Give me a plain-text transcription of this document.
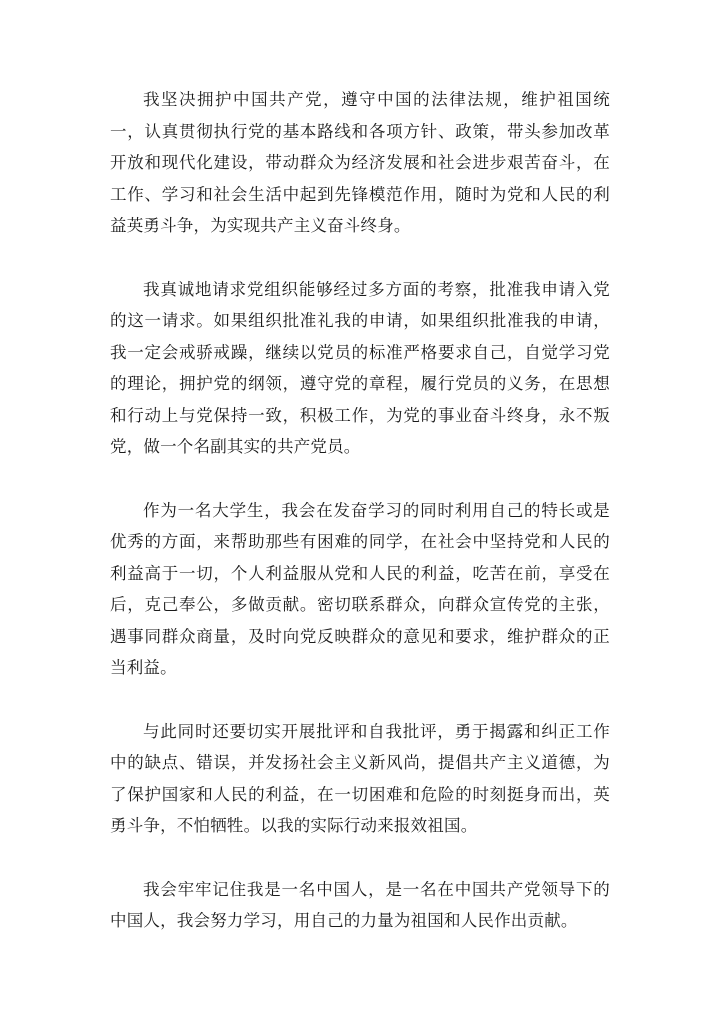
我坚决拥护中国共产党，遵守中国的法律法规，维护祖国统一，认真贯彻执行党的基本路线和各项方针、政策，带头参加改革开放和现代化建设，带动群众为经济发展和社会进步艰苦奋斗，在工作、学习和社会生活中起到先锋模范作用，随时为党和人民的利益英勇斗争，为实现共产主义奋斗终身。

我真诚地请求党组织能够经过多方面的考察，批准我申请入党的这一请求。如果组织批准礼我的申请，如果组织批准我的申请，我一定会戒骄戒躁，继续以党员的标准严格要求自己，自觉学习党的理论，拥护党的纲领，遵守党的章程，履行党员的义务，在思想和行动上与党保持一致，积极工作，为党的事业奋斗终身，永不叛党，做一个名副其实的共产党员。

作为一名大学生，我会在发奋学习的同时利用自己的特长或是优秀的方面，来帮助那些有困难的同学，在社会中坚持党和人民的利益高于一切，个人利益服从党和人民的利益，吃苦在前，享受在后，克己奉公，多做贡献。密切联系群众，向群众宣传党的主张，遇事同群众商量，及时向党反映群众的意见和要求，维护群众的正当利益。

与此同时还要切实开展批评和自我批评，勇于揭露和纠正工作中的缺点、错误，并发扬社会主义新风尚，提倡共产主义道德，为了保护国家和人民的利益，在一切困难和危险的时刻挺身而出，英勇斗争，不怕牺牲。以我的实际行动来报效祖国。

我会牢牢记住我是一名中国人，是一名在中国共产党领导下的中国人，我会努力学习，用自己的力量为祖国和人民作出贡献。
